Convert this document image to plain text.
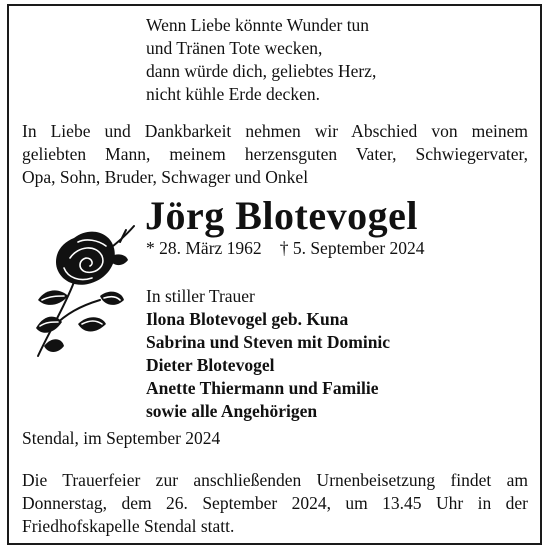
Wenn Liebe könnte Wunder tun
und Tränen Tote wecken,
dann würde dich, geliebtes Herz,
nicht kühle Erde decken.
In Liebe und Dankbarkeit nehmen wir Abschied von meinem
geliebten Mann, meinem herzensguten Vater, Schwiegervater,
Opa, Sohn, Bruder, Schwager und Onkel
Jörg Blotevogel
* 28. März 1962 † 5. September 2024
In stiller Trauer
Ilona Blotevogel geb. Kuna
Sabrina und Steven mit Dominic
Dieter Blotevogel
Anette Thiermann und Familie
sowie alle Angehörigen
Stendal, im September 2024
Die Trauerfeier zur anschließenden Urnenbeisetzung findet am
Donnerstag, dem 26. September 2024, um 13.45 Uhr in der
Friedhofskapelle Stendal statt.
